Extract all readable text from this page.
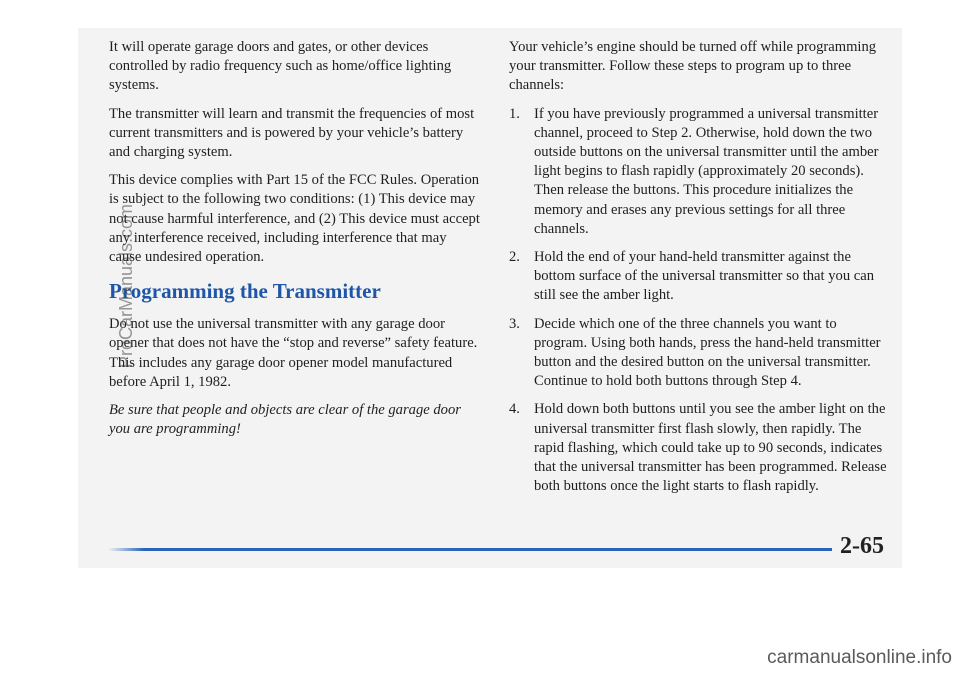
It will operate garage doors and gates, or other devices controlled by radio frequency such as home/office lighting systems.

The transmitter will learn and transmit the frequencies of most current transmitters and is powered by your vehicle’s battery and charging system.

This device complies with Part 15 of the FCC Rules. Operation is subject to the following two conditions: (1) This device may not cause harmful interference, and (2) This device must accept any interference received, including interference that may cause undesired operation.

Programming the Transmitter

Do not use the universal transmitter with any garage door opener that does not have the “stop and reverse” safety feature. This includes any garage door opener model manufactured before April 1, 1982.

Be sure that people and objects are clear of the garage door you are programming!

Your vehicle’s engine should be turned off while programming your transmitter. Follow these steps to program up to three channels:

1. If you have previously programmed a universal transmitter channel, proceed to Step 2. Otherwise, hold down the two outside buttons on the universal transmitter until the amber light begins to flash rapidly (approximately 20 seconds). Then release the buttons. This procedure initializes the memory and erases any previous settings for all three channels.
2. Hold the end of your hand-held transmitter against the bottom surface of the universal transmitter so that you can still see the amber light.
3. Decide which one of the three channels you want to program. Using both hands, press the hand-held transmitter button and the desired button on the universal transmitter. Continue to hold both buttons through Step 4.
4. Hold down both buttons until you see the amber light on the universal transmitter first flash slowly, then rapidly. The rapid flashing, which could take up to 90 seconds, indicates that the universal transmitter has been programmed. Release both buttons once the light starts to flash rapidly.
2-65
ProCarManuals.com
carmanualsonline.info
